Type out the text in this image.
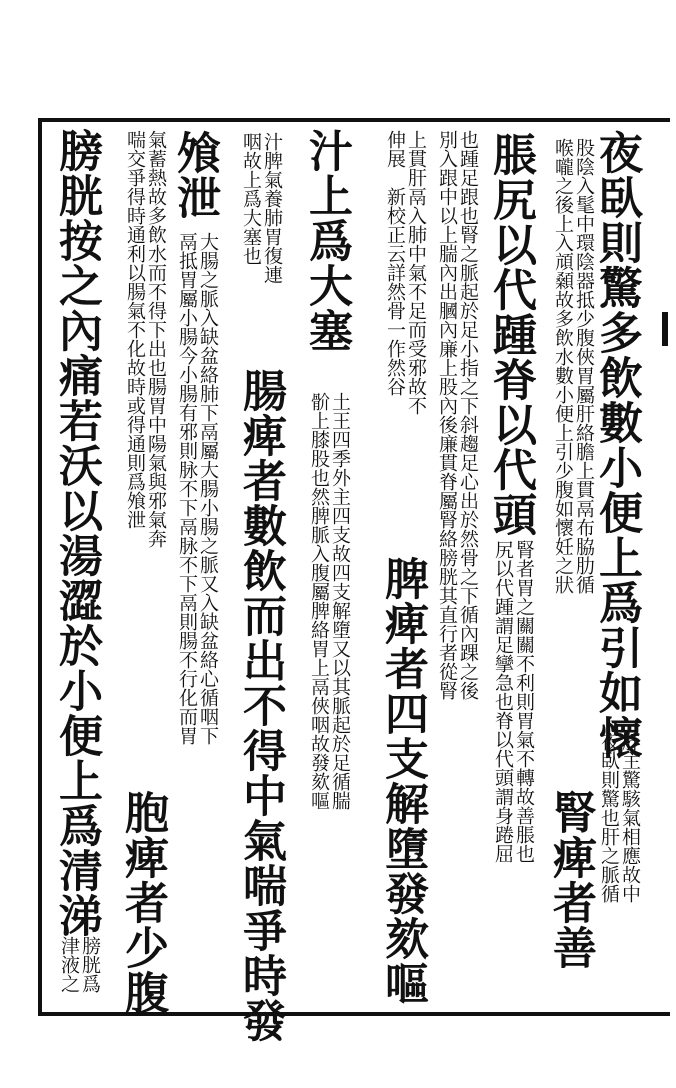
夜臥則驚多飲數小便上爲引如懷
肝主驚駭氣相應故中
夜臥則驚也肝之脈循
股陰入髦中環陰器抵少腹俠胃屬肝絡膽上貫鬲布脇肋循
喉嚨之後上入頏顙故多飲水數小便上引少腹如懷妊之狀
腎痺者善
脹尻以代踵脊以代頭
腎者胃之關關不利則胃氣不轉故善脹也
尻以代踵謂足攣急也脊以代頭謂身踡屈
也踵足跟也腎之脈起於足小指之下斜趨足心出於然骨之下循內踝之後
別入跟中以上腨內出膕內廉上股內後廉貫脊屬腎絡膀胱其直行者從腎
上貫肝鬲入肺中氣不足而受邪故不
伸展　新校正云詳然骨一作然谷
脾痺者四支解墮發欬嘔
汁上爲大塞
土王四季外主四支故四支解墮又以其脈起於足循腨
骱上膝股也然脾脈入腹屬脾絡胃上鬲俠咽故發欬嘔
汁脾氣養肺胃復連
咽故上爲大塞也
腸痺者數飲而出不得中氣喘爭時發
飧泄
大腸之脈入缺盆絡肺下鬲屬大腸小腸之脈又入缺盆絡心循咽下
鬲抵胃屬小腸今小腸有邪則脉不下鬲脉不下鬲則腸不行化而胃
氣蓄熱故多飲水而不得下出也腸胃中陽氣與邪氣奔
喘交爭得時通利以腸氣不化故時或得通則爲飧泄
胞痺者少腹
膀胱按之內痛若沃以湯澀於小便上爲清涕
膀胱爲
津液之
